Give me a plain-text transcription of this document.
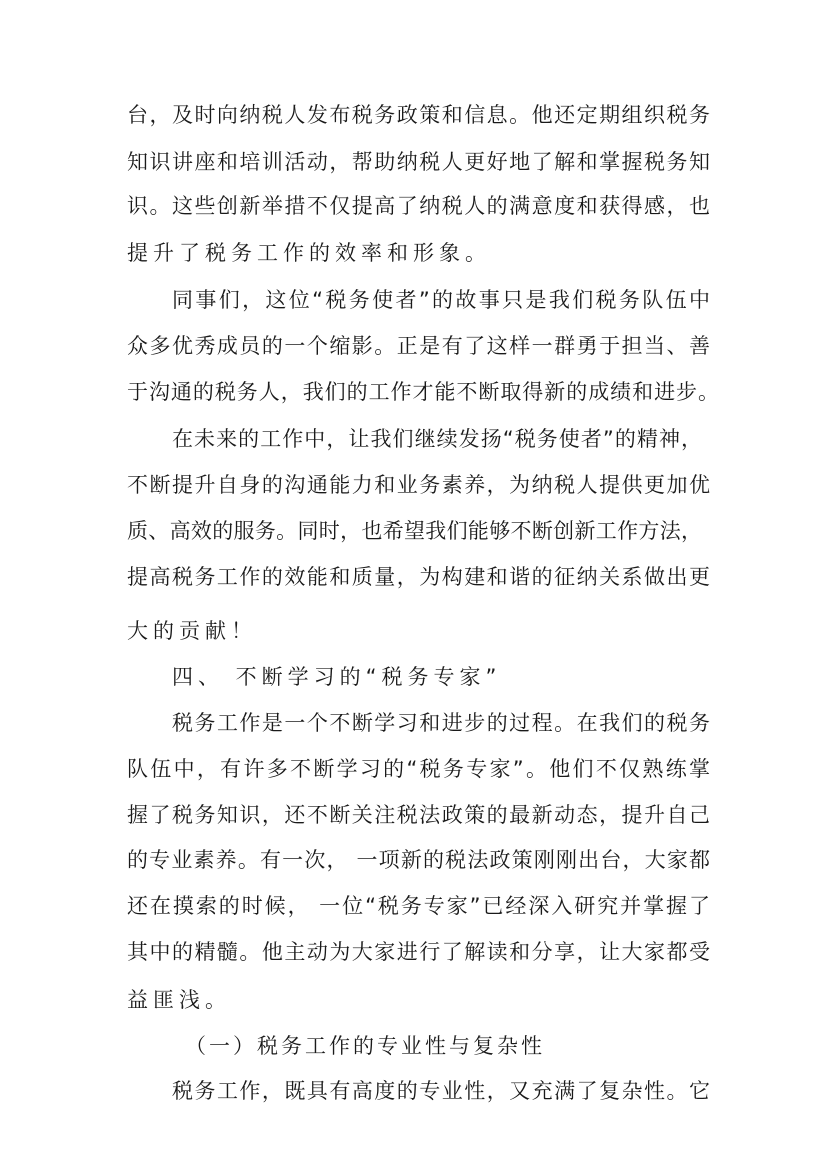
台，及时向纳税人发布税务政策和信息。他还定期组织税务
知识讲座和培训活动，帮助纳税人更好地了解和掌握税务知
识。这些创新举措不仅提高了纳税人的满意度和获得感，也
提升了税务工作的效率和形象。
同事们，这位“税务使者”的故事只是我们税务队伍中
众多优秀成员的一个缩影。正是有了这样一群勇于担当、善
于沟通的税务人，我们的工作才能不断取得新的成绩和进步。
在未来的工作中，让我们继续发扬“税务使者”的精神，
不断提升自身的沟通能力和业务素养，为纳税人提供更加优
质、高效的服务。同时，也希望我们能够不断创新工作方法，
提高税务工作的效能和质量，为构建和谐的征纳关系做出更
大的贡献！
四、 不断学习的“税务专家”
税务工作是一个不断学习和进步的过程。在我们的税务
队伍中，有许多不断学习的“税务专家”。他们不仅熟练掌
握了税务知识，还不断关注税法政策的最新动态，提升自己
的专业素养。有一次， 一项新的税法政策刚刚出台，大家都
还在摸索的时候， 一位“税务专家”已经深入研究并掌握了
其中的精髓。他主动为大家进行了解读和分享，让大家都受
益匪浅。
（一）税务工作的专业性与复杂性
税务工作，既具有高度的专业性，又充满了复杂性。它
